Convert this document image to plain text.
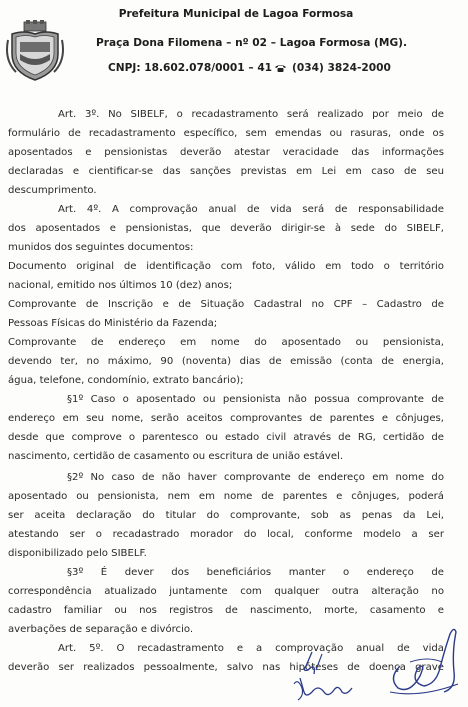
Prefeitura Municipal de Lagoa Formosa
Praça Dona Filomena – nº 02 – Lagoa Formosa (MG).
CNPJ: 18.602.078/0001 – 41	(034) 3824-2000
Art. 3º. No SIBELF, o recadastramento será realizado por meio de
formulário de recadastramento específico, sem emendas ou rasuras, onde os
aposentados e pensionistas deverão atestar veracidade das informações
declaradas e cientificar-se das sanções previstas em Lei em caso de seu
descumprimento.
Art. 4º. A comprovação anual de vida será de responsabilidade
dos aposentados e pensionistas, que deverão dirigir-se à sede do SIBELF,
munidos dos seguintes documentos:
Documento original de identificação com foto, válido em todo o território
nacional, emitido nos últimos 10 (dez) anos;
Comprovante de Inscrição e de Situação Cadastral no CPF – Cadastro de
Pessoas Físicas do Ministério da Fazenda;
Comprovante de endereço em nome do aposentado ou pensionista,
devendo ter, no máximo, 90 (noventa) dias de emissão (conta de energia,
água, telefone, condomínio, extrato bancário);
§1º Caso o aposentado ou pensionista não possua comprovante de
endereço em seu nome, serão aceitos comprovantes de parentes e cônjuges,
desde que comprove o parentesco ou estado civil através de RG, certidão de
nascimento, certidão de casamento ou escritura de união estável.
§2º No caso de não haver comprovante de endereço em nome do
aposentado ou pensionista, nem em nome de parentes e cônjuges, poderá
ser aceita declaração do titular do comprovante, sob as penas da Lei,
atestando ser o recadastrado morador do local, conforme modelo a ser
disponibilizado pelo SIBELF.
§3º É dever dos beneficiários manter o endereço de
correspondência atualizado juntamente com qualquer outra alteração no
cadastro familiar ou nos registros de nascimento, morte, casamento e
averbações de separação e divórcio.
Art. 5º. O recadastramento e a comprovação anual de vida
deverão ser realizados pessoalmente, salvo nas hipóteses de doença grave
